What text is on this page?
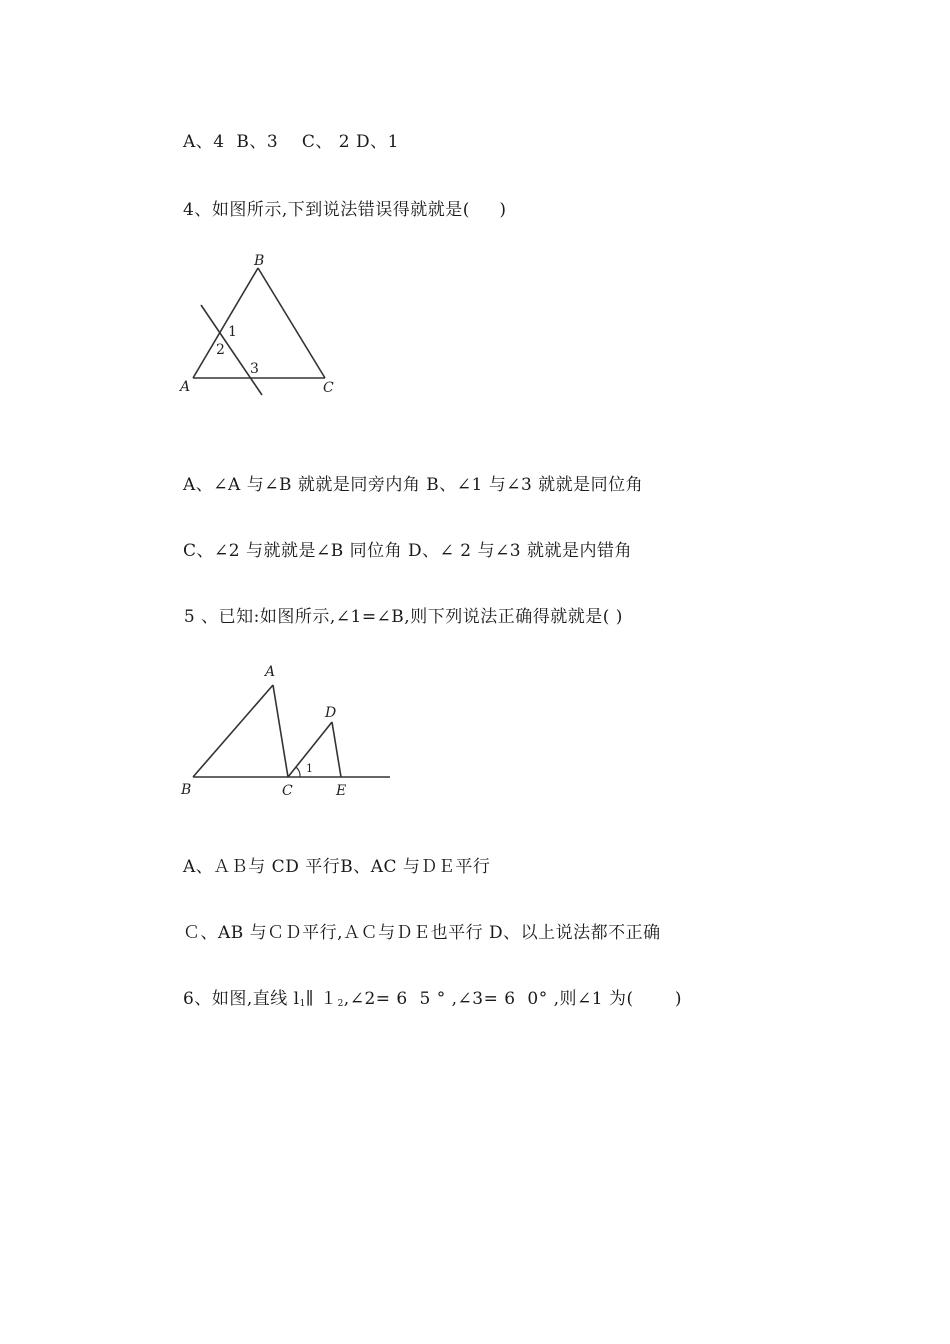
A、4  B、3    C、 2 D、1
4、如图所示,下到说法错误得就就是(     )
B
A	C
1
2
3
A、∠A 与∠B 就就是同旁内角 B、∠1 与∠3 就就是同位角
C、∠2 与就就是∠B 同位角 D、∠ 2 与∠3 就就是内错角
5 、已知:如图所示,∠1=∠B,则下列说法正确得就就是( )
A
B	C
D
E
1
A、ＡＢ与 CD 平行B、AC 与ＤＥ平行
Ｃ、AB 与ＣＤ平行,ＡＣ与ＤＥ也平行 D、以上说法都不正确
6、如图,直线 $l_1\parallel$ $1_2,\angle 2= 6$  5 ° ,∠3= 6  0° ,则∠1 为(       )
